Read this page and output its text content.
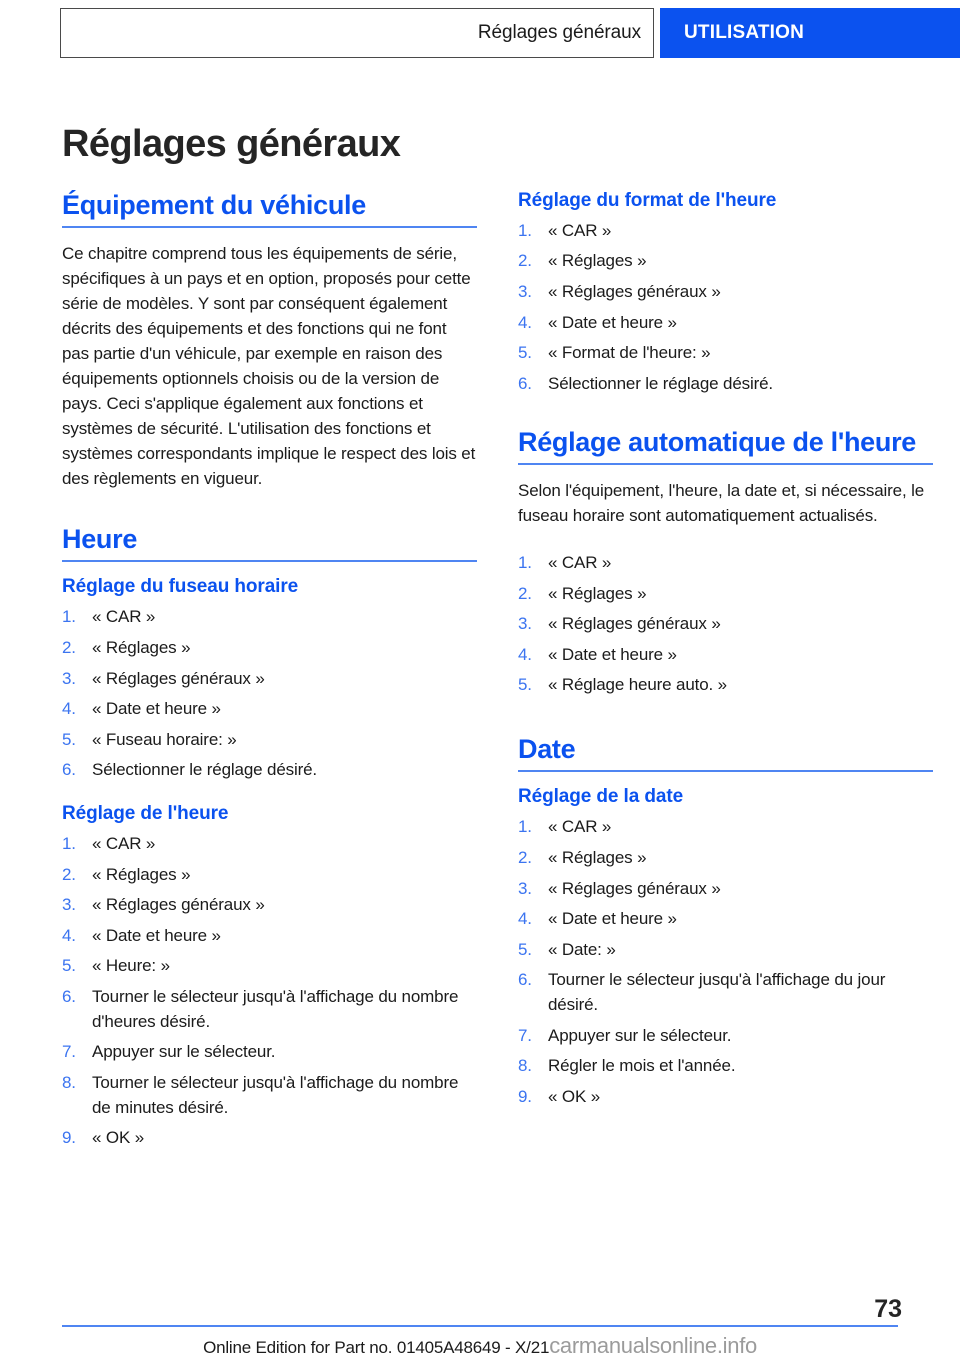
Réglages généraux UTILISATION
Réglages généraux
Équipement du véhicule

Ce chapitre comprend tous les équipements de série, spécifiques à un pays et en option, proposés pour cette série de modèles. Y sont par conséquent également décrits des équipements et des fonctions qui ne font pas partie d'un véhicule, par exemple en raison des équipements optionnels choisis ou de la version de pays. Ceci s'applique également aux fonctions et systèmes de sécurité. L'utilisation des fonctions et systèmes correspondants implique le respect des lois et des règlements en vigueur.

Heure
Réglage du fuseau horaire
1. « CAR »
2. « Réglages »
3. « Réglages généraux »
4. « Date et heure »
5. « Fuseau horaire: »
6. Sélectionner le réglage désiré.
Réglage de l'heure
1. « CAR »
2. « Réglages »
3. « Réglages généraux »
4. « Date et heure »
5. « Heure: »
6. Tourner le sélecteur jusqu'à l'affichage du nombre d'heures désiré.
7. Appuyer sur le sélecteur.
8. Tourner le sélecteur jusqu'à l'affichage du nombre de minutes désiré.
9. « OK »
Réglage du format de l'heure
1. « CAR »
2. « Réglages »
3. « Réglages généraux »
4. « Date et heure »
5. « Format de l'heure: »
6. Sélectionner le réglage désiré.
Réglage automatique de l'heure

Selon l'équipement, l'heure, la date et, si nécessaire, le fuseau horaire sont automatiquement actualisés.

1. « CAR »
2. « Réglages »
3. « Réglages généraux »
4. « Date et heure »
5. « Réglage heure auto. »
Date
Réglage de la date
1. « CAR »
2. « Réglages »
3. « Réglages généraux »
4. « Date et heure »
5. « Date: »
6. Tourner le sélecteur jusqu'à l'affichage du jour désiré.
7. Appuyer sur le sélecteur.
8. Régler le mois et l'année.
9. « OK »
73
Online Edition for Part no. 01405A48649 - X/21carmanualsonline.info
